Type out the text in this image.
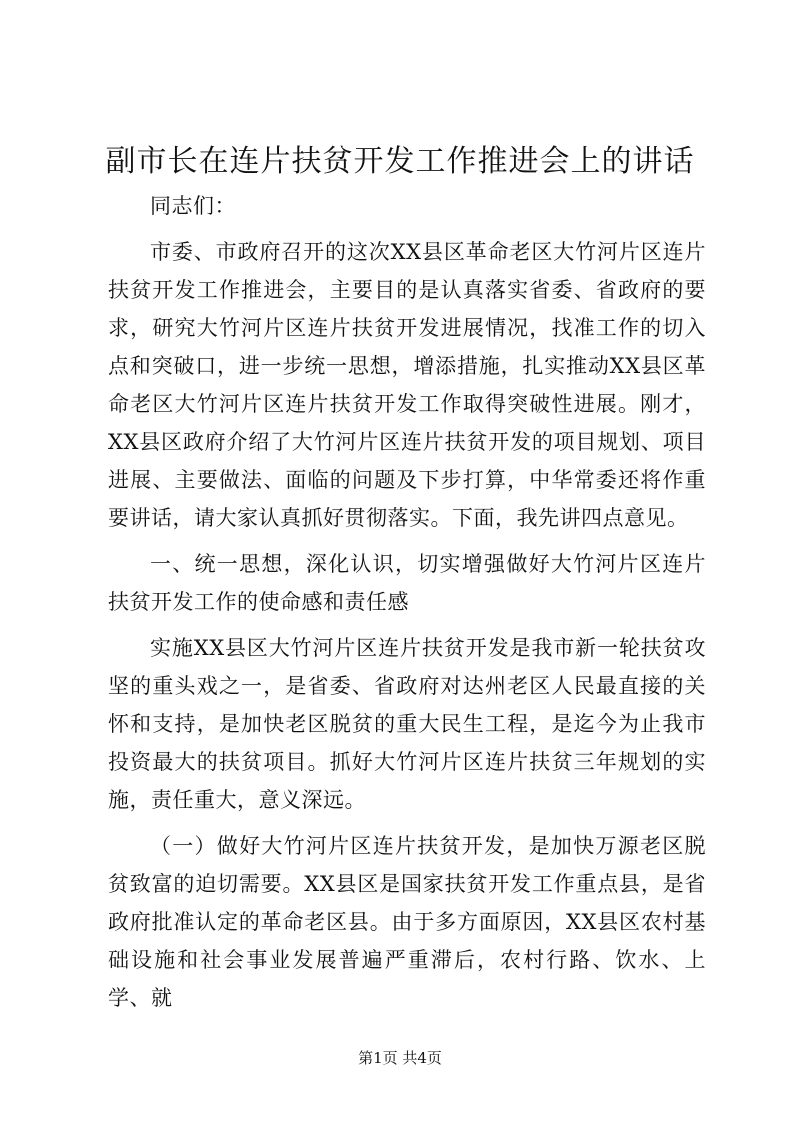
副市长在连片扶贫开发工作推进会上的讲话

同志们：

市委、市政府召开的这次XX县区革命老区大竹河片区连片扶贫开发工作推进会，主要目的是认真落实省委、省政府的要求，研究大竹河片区连片扶贫开发进展情况，找准工作的切入点和突破口，进一步统一思想，增添措施，扎实推动XX县区革命老区大竹河片区连片扶贫开发工作取得突破性进展。刚才，XX县区政府介绍了大竹河片区连片扶贫开发的项目规划、项目进展、主要做法、面临的问题及下步打算，中华常委还将作重要讲话，请大家认真抓好贯彻落实。下面，我先讲四点意见。

一、统一思想，深化认识，切实增强做好大竹河片区连片扶贫开发工作的使命感和责任感

实施XX县区大竹河片区连片扶贫开发是我市新一轮扶贫攻坚的重头戏之一，是省委、省政府对达州老区人民最直接的关怀和支持，是加快老区脱贫的重大民生工程，是迄今为止我市投资最大的扶贫项目。抓好大竹河片区连片扶贫三年规划的实施，责任重大，意义深远。

（一）做好大竹河片区连片扶贫开发，是加快万源老区脱贫致富的迫切需要。XX县区是国家扶贫开发工作重点县，是省政府批准认定的革命老区县。由于多方面原因，XX县区农村基础设施和社会事业发展普遍严重滞后，农村行路、饮水、上学、就

第1页 共4页
